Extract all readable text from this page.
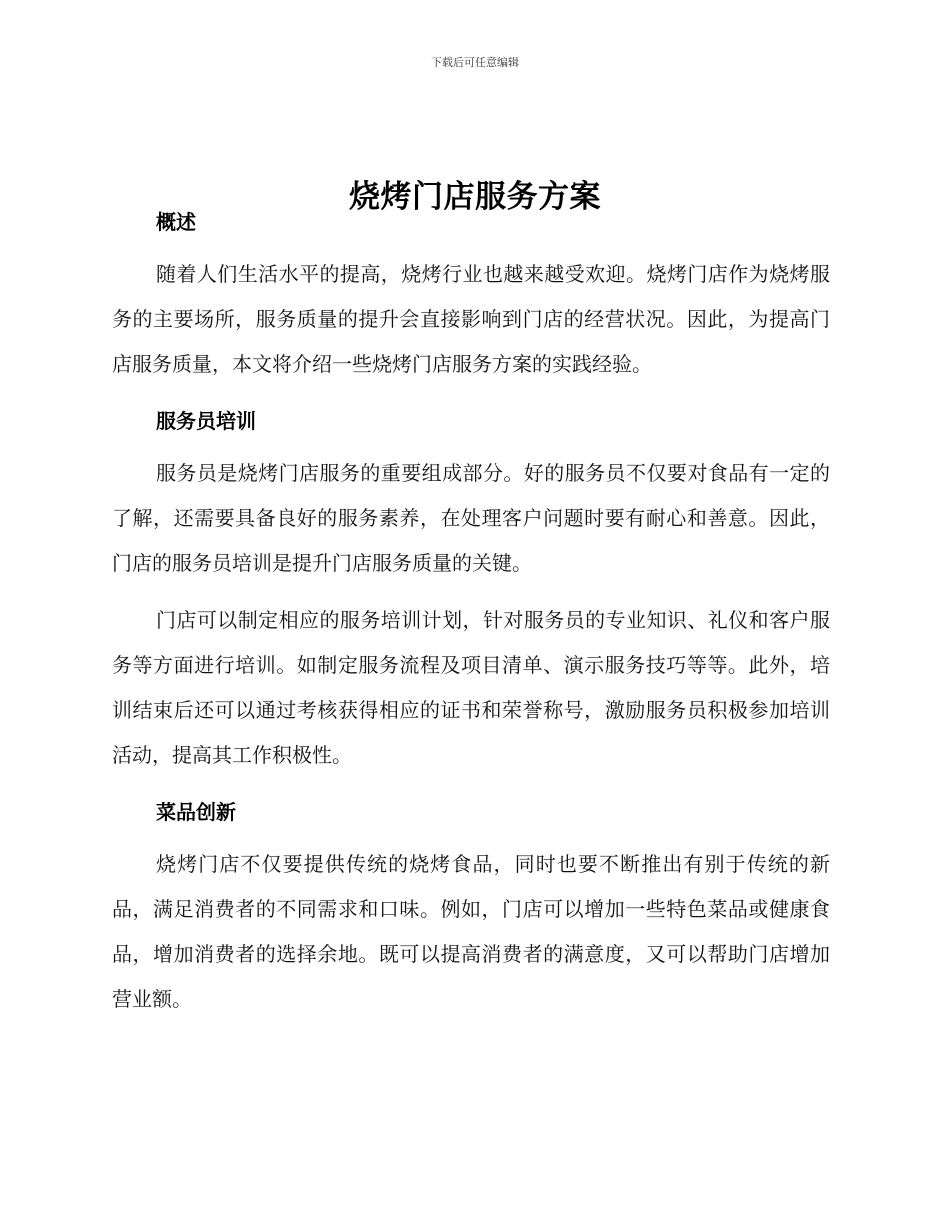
下载后可任意编辑
烧烤门店服务方案
概述

随着人们生活水平的提高，烧烤行业也越来越受欢迎。烧烤门店作为烧烤服务的主要场所，服务质量的提升会直接影响到门店的经营状况。因此，为提高门店服务质量，本文将介绍一些烧烤门店服务方案的实践经验。

服务员培训

服务员是烧烤门店服务的重要组成部分。好的服务员不仅要对食品有一定的了解，还需要具备良好的服务素养，在处理客户问题时要有耐心和善意。因此，门店的服务员培训是提升门店服务质量的关键。

门店可以制定相应的服务培训计划，针对服务员的专业知识、礼仪和客户服务等方面进行培训。如制定服务流程及项目清单、演示服务技巧等等。此外，培训结束后还可以通过考核获得相应的证书和荣誉称号，激励服务员积极参加培训活动，提高其工作积极性。

菜品创新

烧烤门店不仅要提供传统的烧烤食品，同时也要不断推出有别于传统的新品，满足消费者的不同需求和口味。例如，门店可以增加一些特色菜品或健康食品，增加消费者的选择余地。既可以提高消费者的满意度，又可以帮助门店增加营业额。
